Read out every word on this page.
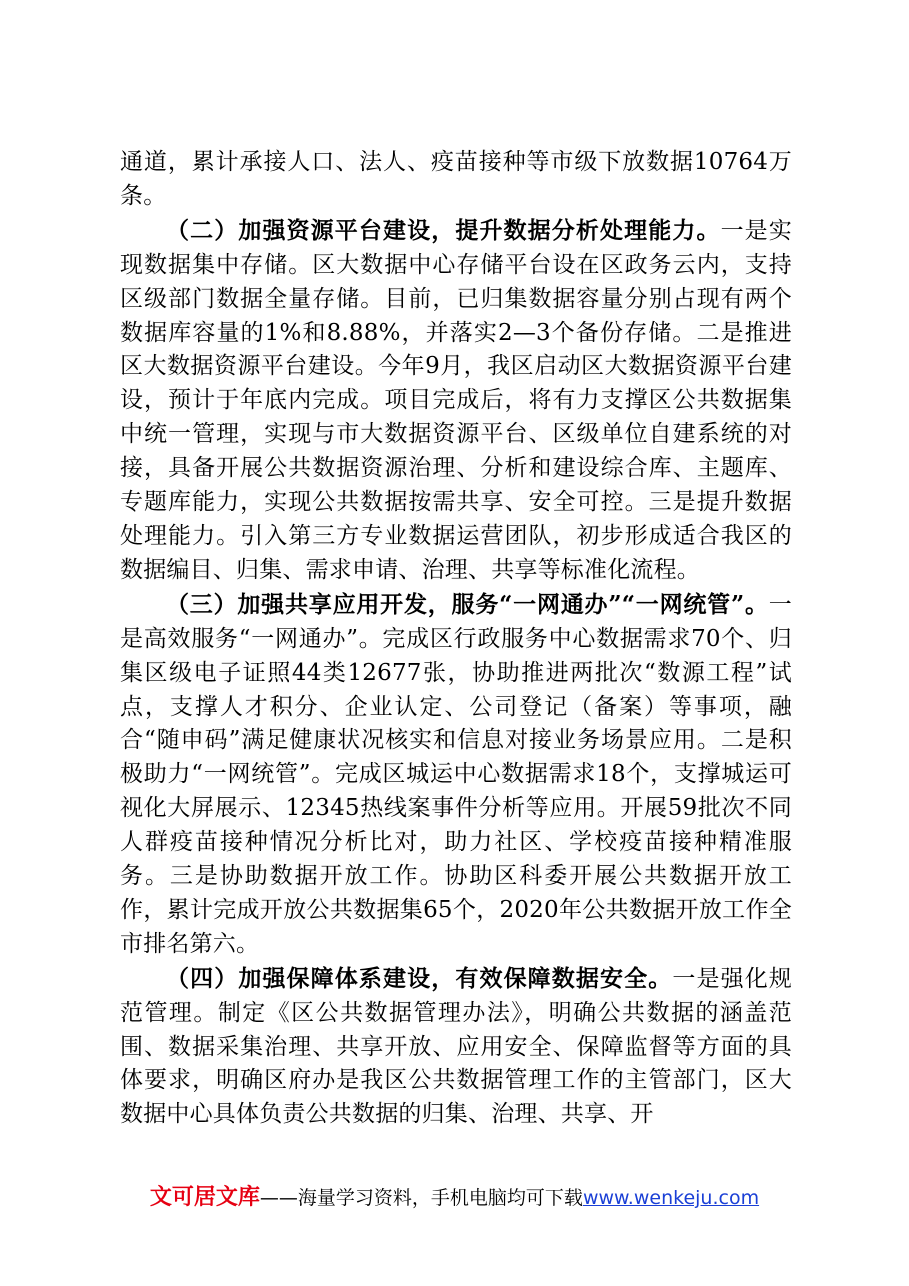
通道，累计承接人口、法人、疫苗接种等市级下放数据10764万条。

（二）加强资源平台建设，提升数据分析处理能力。一是实现数据集中存储。区大数据中心存储平台设在区政务云内，支持区级部门数据全量存储。目前，已归集数据容量分别占现有两个数据库容量的1%和8.88%，并落实2—3个备份存储。二是推进区大数据资源平台建设。今年9月，我区启动区大数据资源平台建设，预计于年底内完成。项目完成后，将有力支撑区公共数据集中统一管理，实现与市大数据资源平台、区级单位自建系统的对接，具备开展公共数据资源治理、分析和建设综合库、主题库、专题库能力，实现公共数据按需共享、安全可控。三是提升数据处理能力。引入第三方专业数据运营团队，初步形成适合我区的数据编目、归集、需求申请、治理、共享等标准化流程。

（三）加强共享应用开发，服务“一网通办”“一网统管”。一是高效服务“一网通办”。完成区行政服务中心数据需求70个、归集区级电子证照44类12677张，协助推进两批次“数源工程”试点，支撑人才积分、企业认定、公司登记（备案）等事项，融合“随申码”满足健康状况核实和信息对接业务场景应用。二是积极助力“一网统管”。完成区城运中心数据需求18个，支撑城运可视化大屏展示、12345热线案事件分析等应用。开展59批次不同人群疫苗接种情况分析比对，助力社区、学校疫苗接种精准服务。三是协助数据开放工作。协助区科委开展公共数据开放工作，累计完成开放公共数据集65个，2020年公共数据开放工作全市排名第六。

（四）加强保障体系建设，有效保障数据安全。一是强化规范管理。制定《区公共数据管理办法》，明确公共数据的涵盖范围、数据采集治理、共享开放、应用安全、保障监督等方面的具体要求，明确区府办是我区公共数据管理工作的主管部门，区大数据中心具体负责公共数据的归集、治理、共享、开

文可居文库——海量学习资料，手机电脑均可下载www.wenkeju.com
